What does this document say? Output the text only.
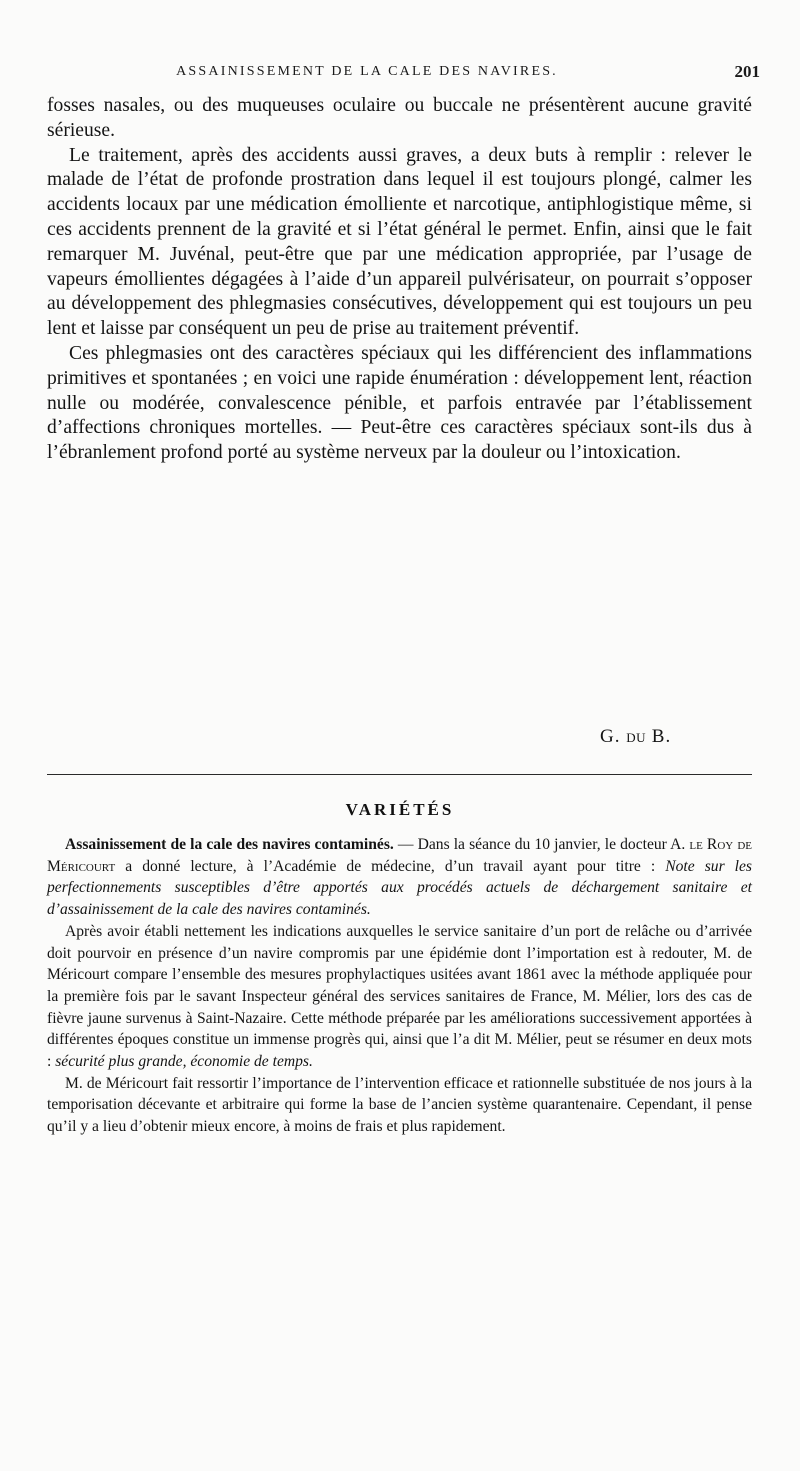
ASSAINISSEMENT DE LA CALE DES NAVIRES.	201

fosses nasales, ou des muqueuses oculaire ou buccale ne présentèrent aucune gravité sérieuse.

Le traitement, après des accidents aussi graves, a deux buts à remplir : relever le malade de l’état de profonde prostration dans lequel il est toujours plongé, calmer les accidents locaux par une médication émolliente et narcotique, antiphlogistique même, si ces accidents prennent de la gravité et si l’état général le permet. Enfin, ainsi que le fait remarquer M. Juvénal, peut-être que par une médication appropriée, par l’usage de vapeurs émollientes dégagées à l’aide d’un appareil pulvérisateur, on pourrait s’opposer au développement des phlegmasies consécutives, développement qui est toujours un peu lent et laisse par conséquent un peu de prise au traitement préventif.

Ces phlegmasies ont des caractères spéciaux qui les différencient des inflammations primitives et spontanées ; en voici une rapide énumération : développement lent, réaction nulle ou modérée, convalescence pénible, et parfois entravée par l’établissement d’affections chroniques mortelles. — Peut-être ces caractères spéciaux sont-ils dus à l’ébranlement profond porté au système nerveux par la douleur ou l’intoxication.

G. DU B.
VARIÉTÉS

Assainissement de la cale des navires contaminés. — Dans la séance du 10 janvier, le docteur A. le Roy de Méricourt a donné lecture, à l’Académie de médecine, d’un travail ayant pour titre : Note sur les perfectionnements susceptibles d’être apportés aux procédés actuels de déchargement sanitaire et d’assainissement de la cale des navires contaminés.

Après avoir établi nettement les indications auxquelles le service sanitaire d’un port de relâche ou d’arrivée doit pourvoir en présence d’un navire compromis par une épidémie dont l’importation est à redouter, M. de Méricourt compare l’ensemble des mesures prophylactiques usitées avant 1861 avec la méthode appliquée pour la première fois par le savant Inspecteur général des services sanitaires de France, M. Mélier, lors des cas de fièvre jaune survenus à Saint-Nazaire. Cette méthode préparée par les améliorations successivement apportées à différentes époques constitue un immense progrès qui, ainsi que l’a dit M. Mélier, peut se résumer en deux mots : sécurité plus grande, économie de temps.

M. de Méricourt fait ressortir l’importance de l’intervention efficace et rationnelle substituée de nos jours à la temporisation décevante et arbitraire qui forme la base de l’ancien système quarantenaire. Cependant, il pense qu’il y a lieu d’obtenir mieux encore, à moins de frais et plus rapidement.
